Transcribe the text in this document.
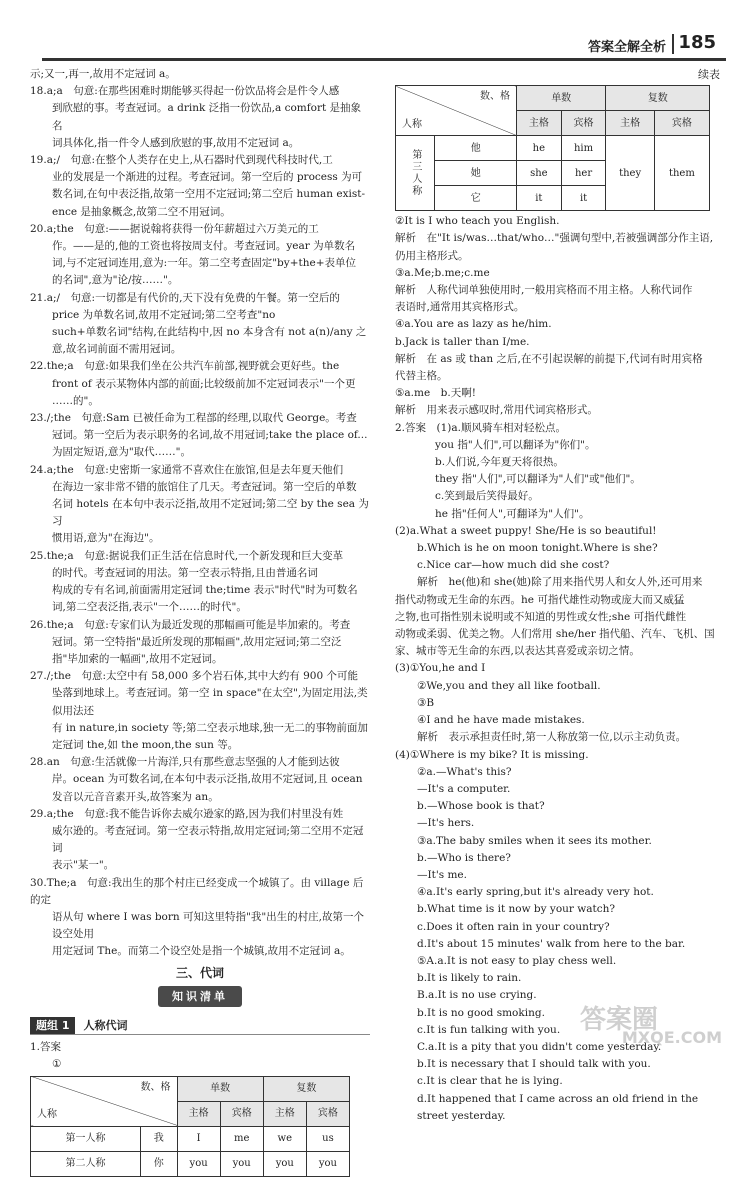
答案全解全析 185

示;又一,再一,故用不定冠词 a。

18.a;a　句意:在那些困难时期能够买得起一份饮品将会是件令人感

到欣慰的事。考查冠词。a drink 泛指一份饮品,a comfort 是抽象名

词具体化,指一件令人感到欣慰的事,故用不定冠词 a。

19.a;/　句意:在整个人类存在史上,从石器时代到现代科技时代,工

业的发展是一个渐进的过程。考查冠词。第一空后的 process 为可

数名词,在句中表泛指,故第一空用不定冠词;第二空后 human exist-

ence 是抽象概念,故第二空不用冠词。

20.a;the　句意:——据说翰将获得一份年薪超过六万美元的工

作。——是的,他的工资也将按周支付。考查冠词。year 为单数名

词,与不定冠词连用,意为:一年。第二空考查固定"by+the+表单位

的名词",意为"论/按……"。

21.a;/　句意:一切都是有代价的,天下没有免费的午餐。第一空后的

price 为单数名词,故用不定冠词;第二空考查"no

such+单数名词"结构,在此结构中,因 no 本身含有 not a(n)/any 之

意,故名词前面不需用冠词。

22.the;a　句意:如果我们坐在公共汽车前部,视野就会更好些。the

front of 表示某物体内部的前面;比较级前加不定冠词表示"一个更

……的"。

23./;the　句意:Sam 已被任命为工程部的经理,以取代 George。考查

冠词。第一空后为表示职务的名词,故不用冠词;take the place of...

为固定短语,意为"取代……"。

24.a;the　句意:史密斯一家通常不喜欢住在旅馆,但是去年夏天他们

在海边一家非常不错的旅馆住了几天。考查冠词。第一空后的单数

名词 hotels 在本句中表示泛指,故用不定冠词;第二空 by the sea 为习

惯用语,意为"在海边"。

25.the;a　句意:据说我们正生活在信息时代,一个新发现和巨大变革

的时代。考查冠词的用法。第一空表示特指,且由普通名词

构成的专有名词,前面需用定冠词 the;time 表示"时代"时为可数名

词,第二空表泛指,表示"一个……的时代"。

26.the;a　句意:专家们认为最近发现的那幅画可能是毕加索的。考查

冠词。第一空特指"最近所发现的那幅画",故用定冠词;第二空泛

指"毕加索的一幅画",故用不定冠词。

27./;the　句意:太空中有 58,000 多个岩石体,其中大约有 900 个可能

坠落到地球上。考查冠词。第一空 in space"在太空",为固定用法,类似用法还

有 in nature,in society 等;第二空表示地球,独一无二的事物前面加

定冠词 the,如 the moon,the sun 等。

28.an　句意:生活就像一片海洋,只有那些意志坚强的人才能到达彼

岸。ocean 为可数名词,在本句中表示泛指,故用不定冠词,且 ocean

发音以元音音素开头,故答案为 an。

29.a;the　句意:我不能告诉你去威尔逊家的路,因为我们村里没有姓

威尔逊的。考查冠词。第一空表示特指,故用定冠词;第二空用不定冠词

表示"某一"。

30.The;a　句意:我出生的那个村庄已经变成一个城镇了。由 village 后的定

语从句 where I was born 可知这里特指"我"出生的村庄,故第一个设空处用

用定冠词 The。而第二个设空处是指一个城镇,故用不定冠词 a。

三、代词
知识清单
题组 1	人称代词

1.答案

①

数、格
人称		单数		复数	
		主格	宾格	主格	宾格
第一人称	我	I	me	we	us
第二人称	你	you	you	you	you
续表
数、格
人称		单数		复数	
		主格	宾格	主格	宾格
第三人称	他	he	him	they	them
	她	she	her		
	它	it	it		

②It is I who teach you English.

解析　在"It is/was…that/who…"强调句型中,若被强调部分作主语,

仍用主格形式。

③a.Me;b.me;c.me

解析　人称代词单独使用时,一般用宾格而不用主格。人称代词作

表语时,通常用其宾格形式。

④a.You are as lazy as he/him.

b.Jack is taller than I/me.

解析　在 as 或 than 之后,在不引起误解的前提下,代词有时用宾格

代替主格。

⑤a.me　b.天啊!

解析　用来表示感叹时,常用代词宾格形式。

2.答案　(1)a.顺风骑车相对轻松点。

you 指"人们",可以翻译为"你们"。

b.人们说,今年夏天将很热。

they 指"人们",可以翻译为"人们"或"他们"。

c.笑到最后笑得最好。

he 指"任何人",可翻译为"人们"。

(2)a.What a sweet puppy! She/He is so beautiful!

b.Which is he on moon tonight.Where is she?

c.Nice car—how much did she cost?

解析　he(他)和 she(她)除了用来指代男人和女人外,还可用来

指代动物或无生命的东西。he 可指代雄性动物或庞大而又威猛

之物,也可指性别未说明或不知道的男性或女性;she 可指代雌性

动物或柔弱、优美之物。人们常用 she/her 指代船、汽车、飞机、国

家、城市等无生命的东西,以表达其喜爱或亲切之情。

(3)①You,he and I

②We,you and they all like football.

③B

④I and he have made mistakes.

解析　表示承担责任时,第一人称放第一位,以示主动负责。

(4)①Where is my bike? It is missing.

②a.—What's this?

—It's a computer.

b.—Whose book is that?

—It's hers.

③a.The baby smiles when it sees its mother.

b.—Who is there?

—It's me.

④a.It's early spring,but it's already very hot.

b.What time is it now by your watch?

c.Does it often rain in your country?

d.It's about 15 minutes' walk from here to the bar.

⑤A.a.It is not easy to play chess well.

b.It is likely to rain.

B.a.It is no use crying.

b.It is no good smoking.

c.It is fun talking with you.

C.a.It is a pity that you didn't come yesterday.

b.It is necessary that I should talk with you.

c.It is clear that he is lying.

d.It happened that I came across an old friend in the street yesterday.

答案圈
MXQE.COM
